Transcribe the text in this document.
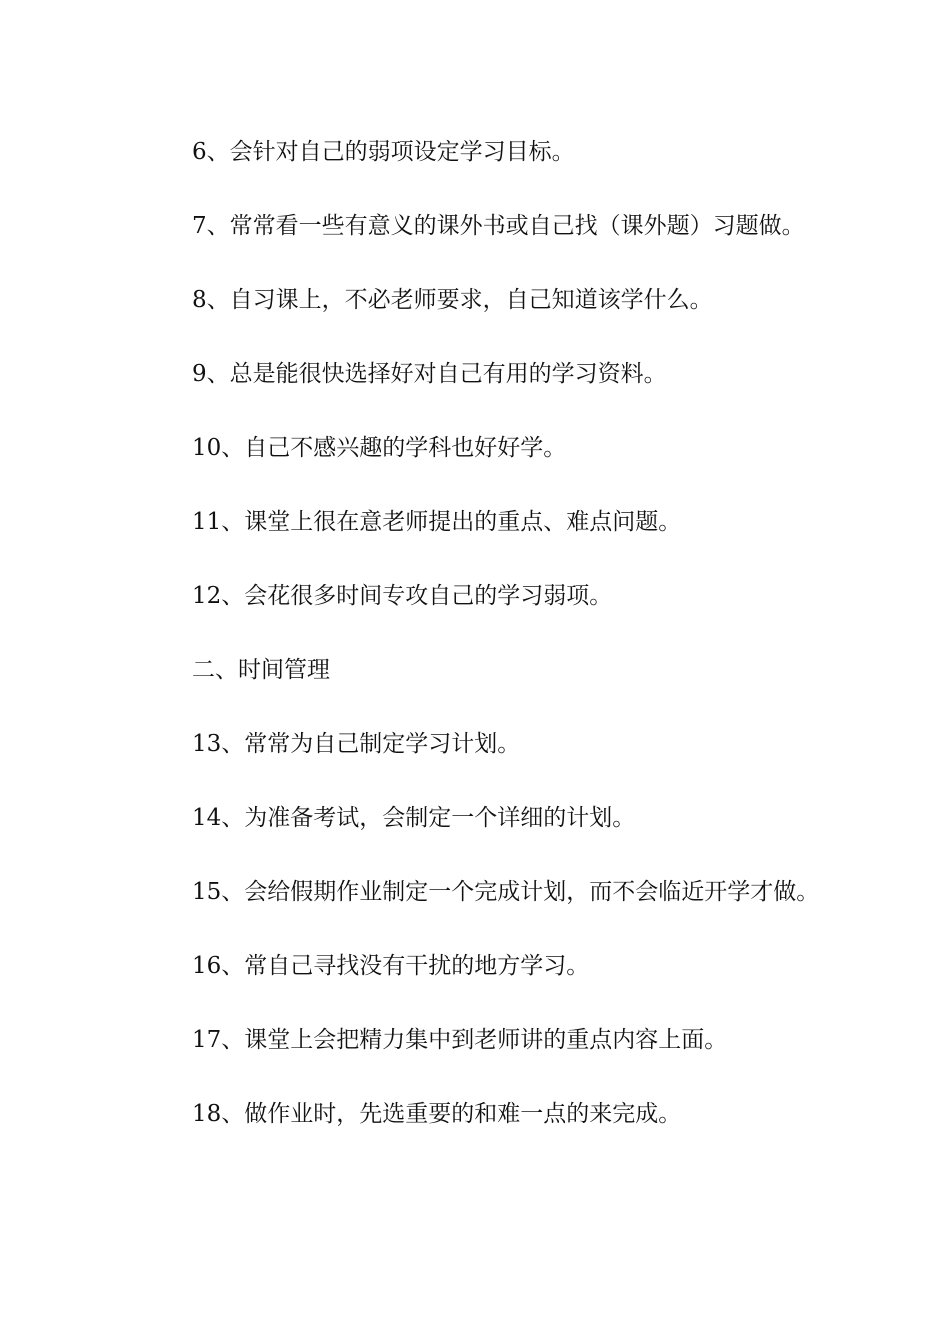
6、会针对自己的弱项设定学习目标。

7、常常看一些有意义的课外书或自己找（课外题）习题做。

8、自习课上，不必老师要求，自己知道该学什么。

9、总是能很快选择好对自己有用的学习资料。

10、自己不感兴趣的学科也好好学。

11、课堂上很在意老师提出的重点、难点问题。

12、会花很多时间专攻自己的学习弱项。

二、时间管理

13、常常为自己制定学习计划。

14、为准备考试，会制定一个详细的计划。

15、会给假期作业制定一个完成计划，而不会临近开学才做。

16、常自己寻找没有干扰的地方学习。

17、课堂上会把精力集中到老师讲的重点内容上面。

18、做作业时，先选重要的和难一点的来完成。
